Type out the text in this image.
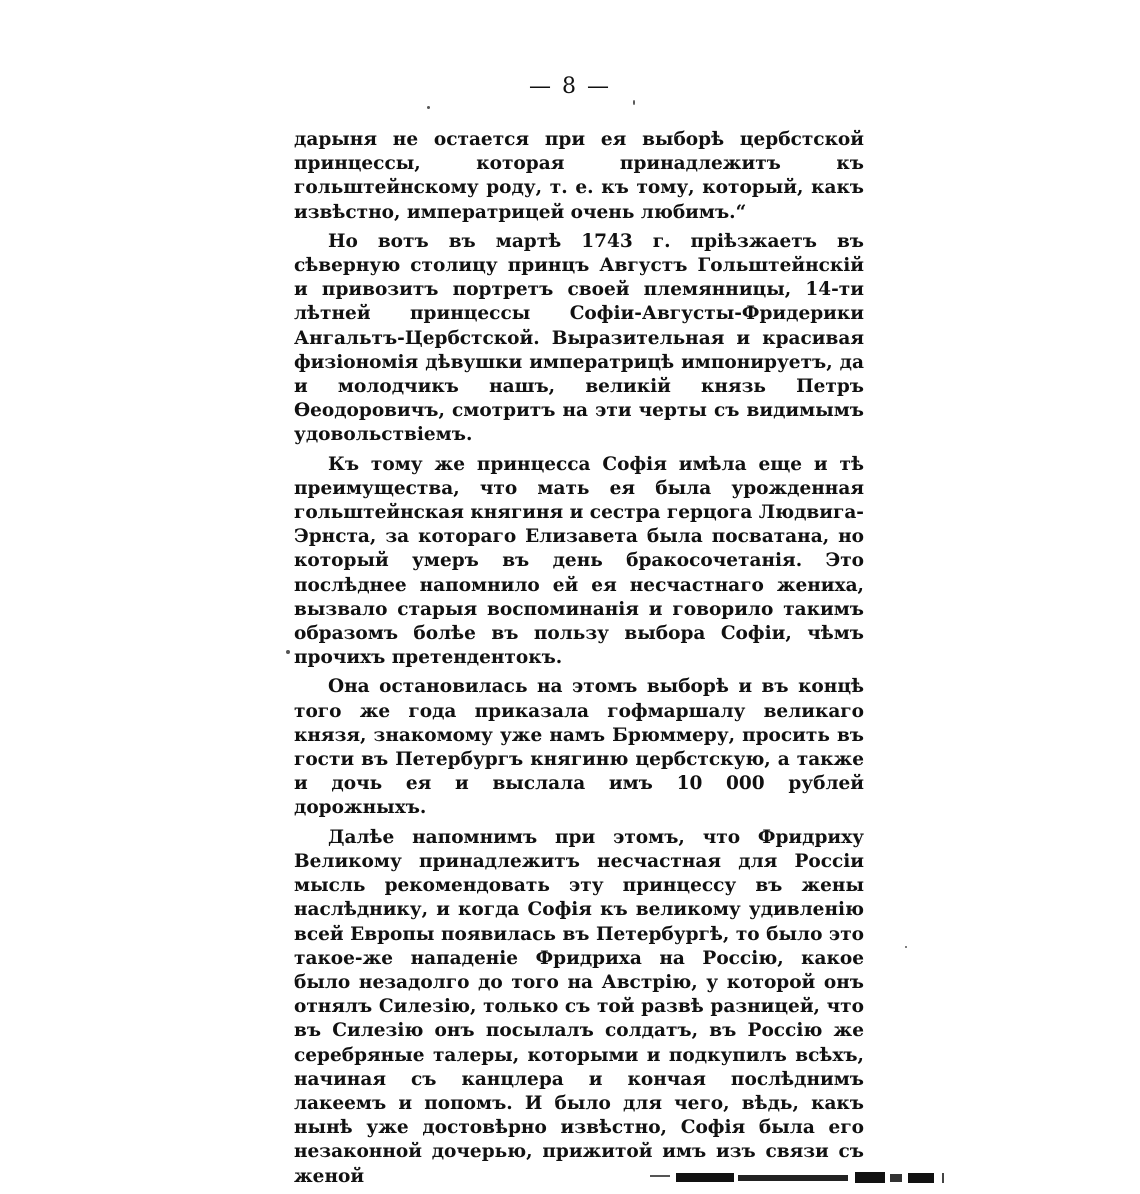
— 8 —

дарыня не остается при ея выборѣ цербстской принцессы, которая принадлежитъ къ гольштейнскому роду, т. е. къ тому, который, какъ извѣстно, императрицей очень любимъ.“

Но вотъ въ мартѣ 1743 г. пріѣзжаетъ въ сѣверную столицу принцъ Августъ Гольштейнскій и привозитъ портретъ своей племянницы, 14-ти лѣтней принцессы Софіи-Августы-Фридерики Ангальтъ-Цербстской. Выразительная и красивая физіономія дѣвушки императрицѣ импонируетъ, да и молодчикъ нашъ, великій князь Петръ Ѳеодоровичъ, смотритъ на эти черты съ видимымъ удовольствіемъ.

Къ тому же принцесса Софія имѣла еще и тѣ преимущества, что мать ея была урожденная гольштейнская княгиня и сестра герцога Людвига-Эрнста, за котораго Елизавета была посватана, но который умеръ въ день бракосочетанія. Это послѣднее напомнило ей ея несчастнаго жениха, вызвало старыя воспоминанія и говорило такимъ образомъ болѣе въ пользу выбора Софіи, чѣмъ прочихъ претендентокъ.

Она остановилась на этомъ выборѣ и въ концѣ того же года приказала гофмаршалу великаго князя, знакомому уже намъ Брюммеру, просить въ гости въ Петербургъ княгиню цербстскую, а также и дочь ея и выслала имъ 10 000 рублей дорожныхъ.

Далѣе напомнимъ при этомъ, что Фридриху Великому принадлежитъ несчастная для Россіи мысль рекомендовать эту принцессу въ жены наслѣднику, и когда Софія къ великому удивленію всей Европы появилась въ Петербургѣ, то было это такое-же нападеніе Фридриха на Россію, какое было незадолго до того на Австрію, у которой онъ отнялъ Силезію, только съ той развѣ разницей, что въ Силезію онъ посылалъ солдатъ, въ Россію же серебряные талеры, которыми и подкупилъ всѣхъ, начиная съ канцлера и кончая послѣднимъ лакеемъ и попомъ. И было для чего, вѣдь, какъ нынѣ уже достовѣрно извѣстно, Софія была его незаконной дочерью, прижитой имъ изъ связи съ женой
